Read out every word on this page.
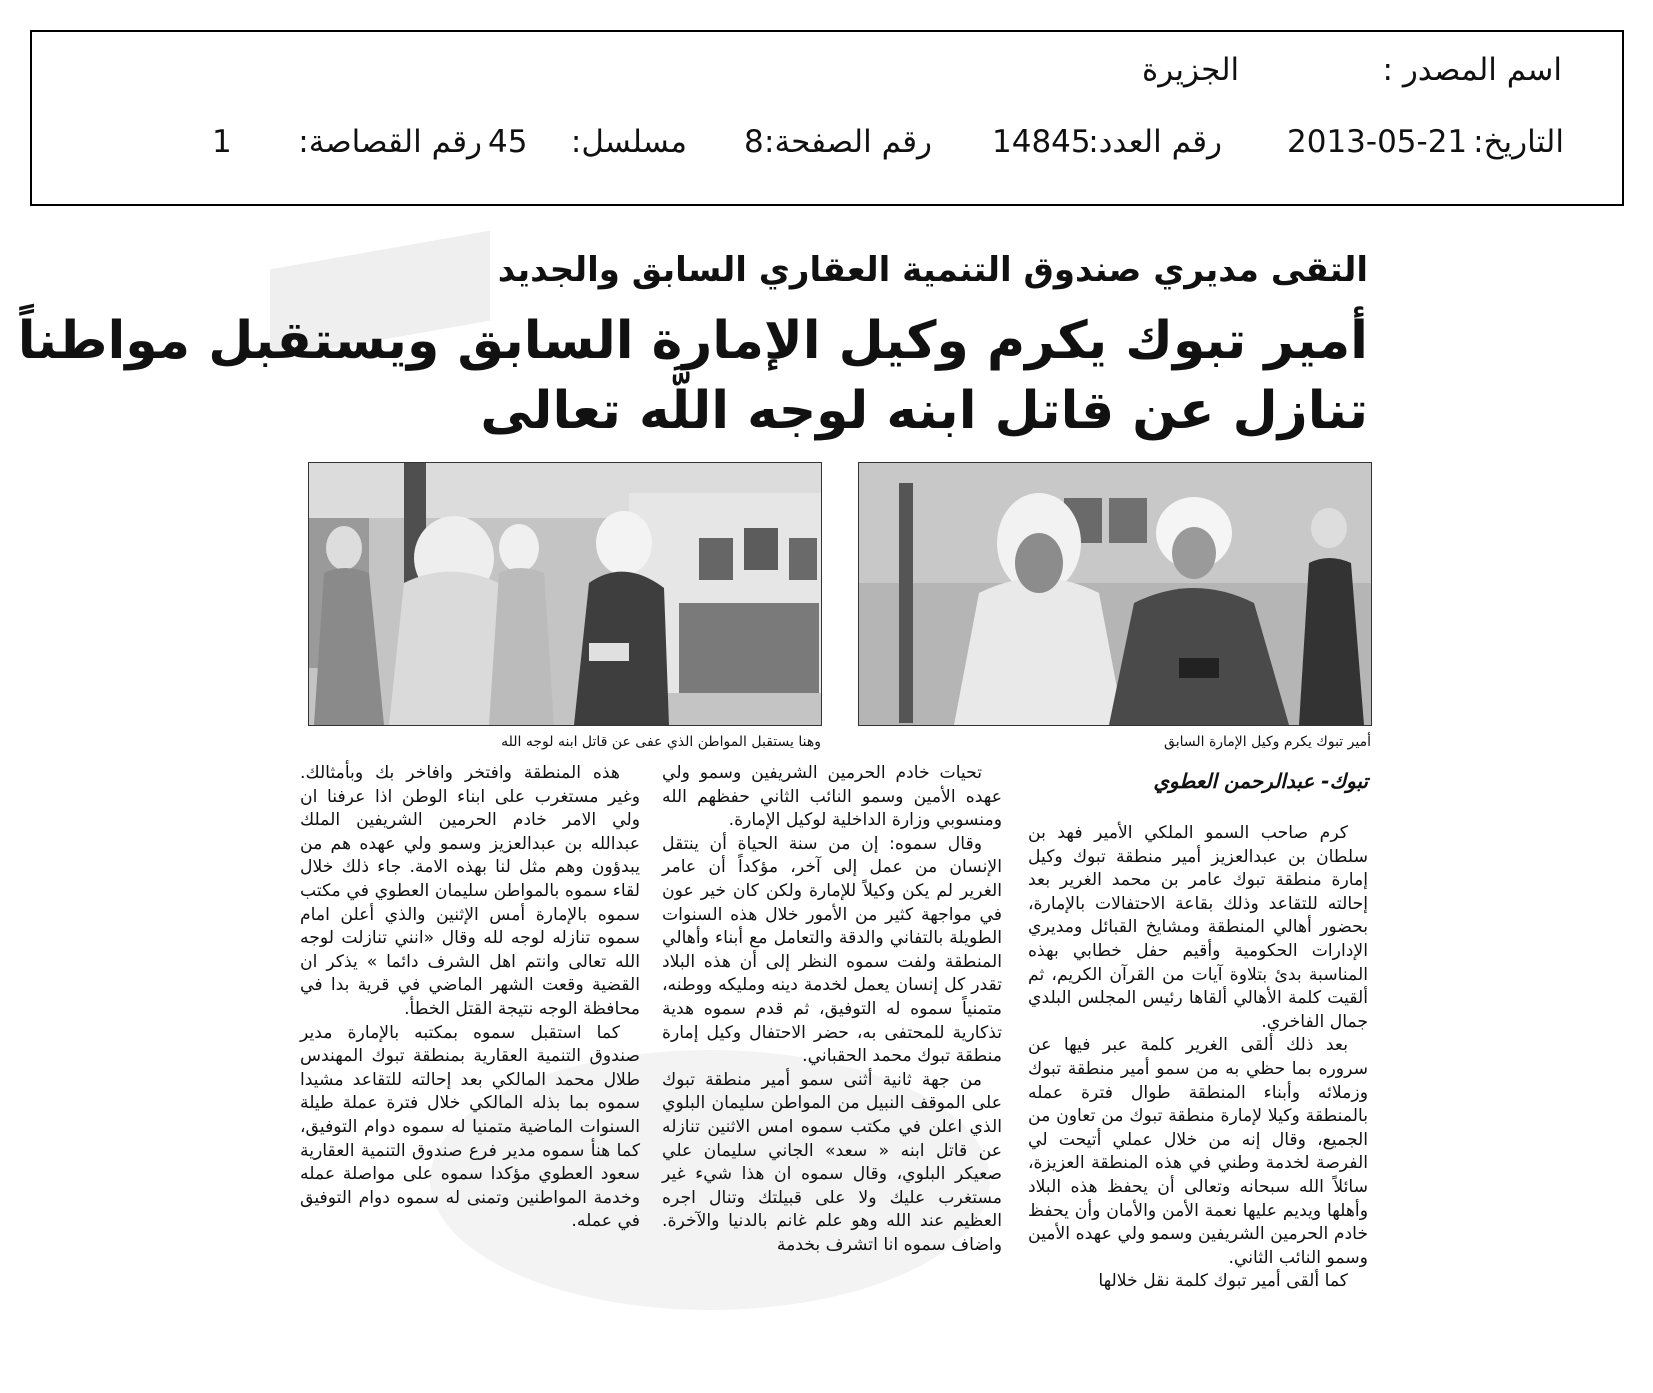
اسم المصدر :
الجزيرة
التاريخ:
2013-05-21
رقم العدد:
14845
رقم الصفحة:
8
مسلسل:
45
رقم القصاصة:
1
التقى مديري صندوق التنمية العقاري السابق والجديد
أمير تبوك يكرم وكيل الإمارة السابق ويستقبل مواطناً
تنازل عن قاتل ابنه لوجه اللَّه تعالى
أمير تبوك يكرم وكيل الإمارة السابق
وهنا يستقبل المواطن الذي عفى عن قاتل ابنه لوجه الله
تبوك- عبدالرحمن العطوي

كرم صاحب السمو الملكي الأمير فهد بن سلطان بن عبدالعزيز أمير منطقة تبوك وكيل إمارة منطقة تبوك عامر بن محمد الغرير بعد إحالته للتقاعد وذلك بقاعة الاحتفالات بالإمارة، بحضور أهالي المنطقة ومشايخ القبائل ومديري الإدارات الحكومية وأقيم حفل خطابي بهذه المناسبة بدئ بتلاوة آيات من القرآن الكريم، ثم ألقيت كلمة الأهالي ألقاها رئيس المجلس البلدي جمال الفاخري.

بعد ذلك ألقى الغرير كلمة عبر فيها عن سروره بما حظي به من سمو أمير منطقة تبوك وزملائه وأبناء المنطقة طوال فترة عمله بالمنطقة وكيلا لإمارة منطقة تبوك من تعاون من الجميع، وقال إنه من خلال عملي أتيحت لي الفرصة لخدمة وطني في هذه المنطقة العزيزة، سائلاً الله سبحانه وتعالى أن يحفظ هذه البلاد وأهلها ويديم عليها نعمة الأمن والأمان وأن يحفظ خادم الحرمين الشريفين وسمو ولي عهده الأمين وسمو النائب الثاني.

كما ألقى أمير تبوك كلمة نقل خلالها

تحيات خادم الحرمين الشريفين وسمو ولي عهده الأمين وسمو النائب الثاني حفظهم الله ومنسوبي وزارة الداخلية لوكيل الإمارة.

وقال سموه: إن من سنة الحياة أن ينتقل الإنسان من عمل إلى آخر، مؤكداً أن عامر الغرير لم يكن وكيلاً للإمارة ولكن كان خير عون في مواجهة كثير من الأمور خلال هذه السنوات الطويلة بالتفاني والدقة والتعامل مع أبناء وأهالي المنطقة ولفت سموه النظر إلى أن هذه البلاد تقدر كل إنسان يعمل لخدمة دينه ومليكه ووطنه، متمنياً سموه له التوفيق، ثم قدم سموه هدية تذكارية للمحتفى به، حضر الاحتفال وكيل إمارة منطقة تبوك محمد الحقباني.

من جهة ثانية أثنى سمو أمير منطقة تبوك على الموقف النبيل من المواطن سليمان البلوي الذي اعلن في مكتب سموه امس الاثنين تنازله عن قاتل ابنه « سعد» الجاني سليمان علي صعيكر البلوي، وقال سموه ان هذا شيء غير مستغرب عليك ولا على قبيلتك وتنال اجره العظيم عند الله وهو علم غانم بالدنيا والآخرة. واضاف سموه انا اتشرف بخدمة

هذه المنطقة وافتخر وافاخر بك وبأمثالك. وغير مستغرب على ابناء الوطن اذا عرفنا ان ولي الامر خادم الحرمين الشريفين الملك عبدالله بن عبدالعزيز وسمو ولي عهده هم من يبدؤون وهم مثل لنا بهذه الامة. جاء ذلك خلال لقاء سموه بالمواطن سليمان العطوي في مكتب سموه بالإمارة أمس الإثنين والذي أعلن امام سموه تنازله لوجه لله وقال «انني تنازلت لوجه الله تعالى وانتم اهل الشرف دائما » يذكر ان القضية وقعت الشهر الماضي في قرية بدا في محافظة الوجه نتيجة القتل الخطأ.

كما استقبل سموه بمكتبه بالإمارة مدير صندوق التنمية العقارية بمنطقة تبوك المهندس طلال محمد المالكي بعد إحالته للتقاعد مشيدا سموه بما بذله المالكي خلال فترة عملة طيلة السنوات الماضية متمنيا له سموه دوام التوفيق، كما هنأ سموه مدير فرع صندوق التنمية العقارية سعود العطوي مؤكدا سموه على مواصلة عمله وخدمة المواطنين وتمنى له سموه دوام التوفيق في عمله.
